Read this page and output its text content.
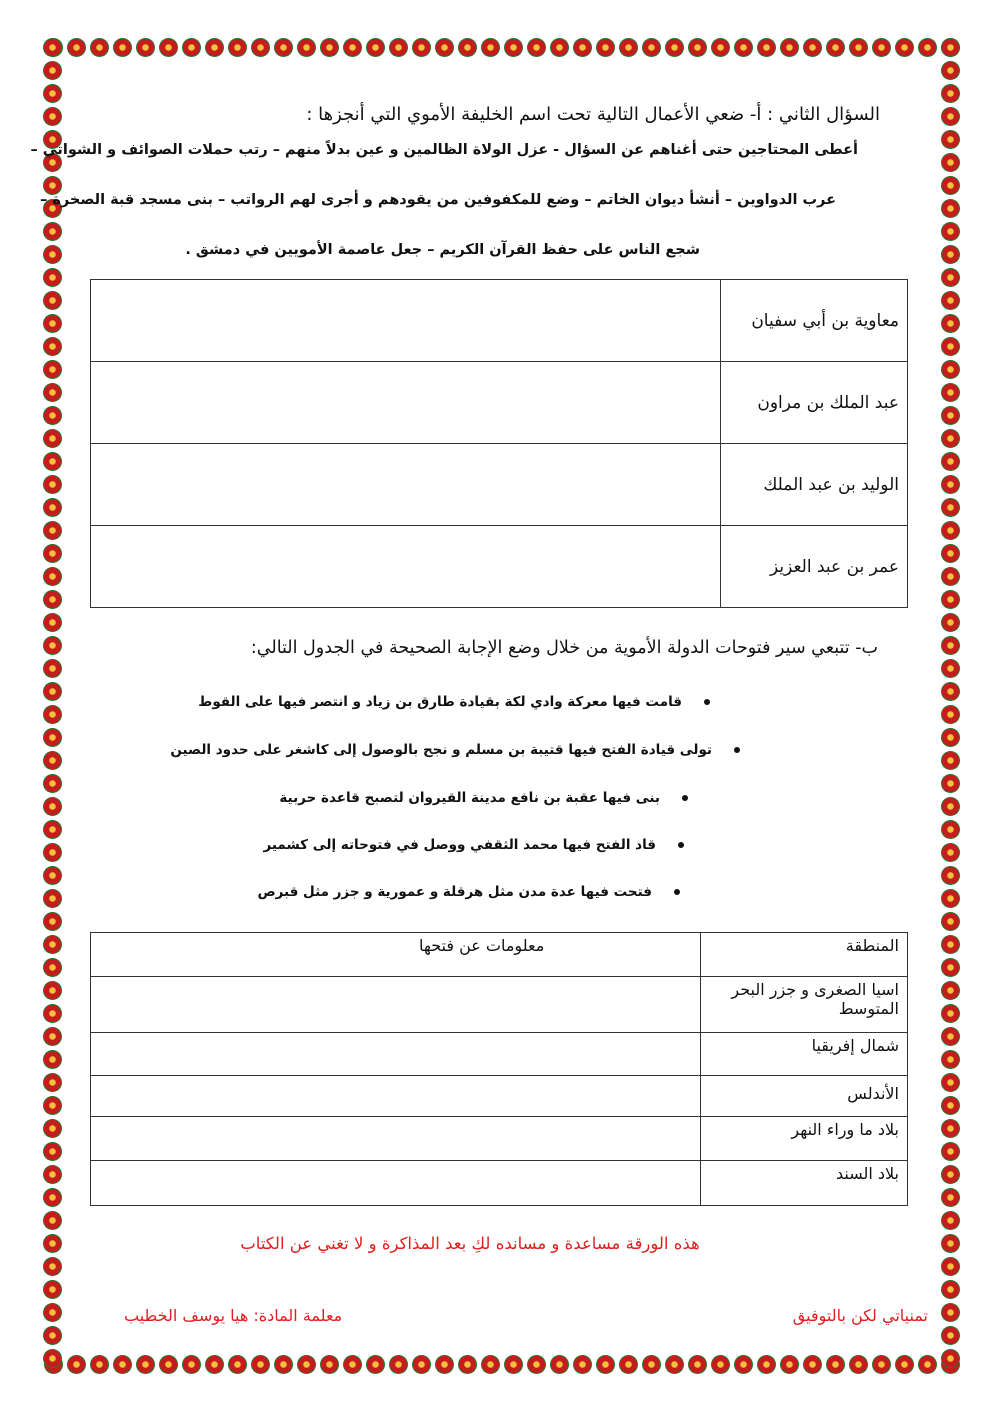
السؤال الثاني : أ- ضعي الأعمال التالية تحت اسم الخليفة الأموي التي أنجزها :
أعطى المحتاجين حتى أغناهم عن السؤال - عزل الولاة الظالمين و عين بدلاً منهم – رتب حملات الصوائف و الشواتي –
عرب الدواوين – أنشأ ديوان الخاتم – وضع للمكفوفين من يقودهم و أجرى لهم الرواتب – بنى مسجد قبة الصخرة –
شجع الناس على حفظ القرآن الكريم – جعل عاصمة الأمويين في دمشق .
معاوية بن أبي سفيان	
عبد الملك بن مراون	
الوليد بن عبد الملك	
عمر بن عبد العزيز	
ب- تتبعي سير فتوحات الدولة الأموية من خلال وضع الإجابة الصحيحة في الجدول التالي:
قامت فيها معركة وادي لكة بقيادة طارق بن زياد و انتصر فيها على القوط
تولى قيادة الفتح فيها قتيبة بن مسلم و نجح بالوصول إلى كاشغر على حدود الصين
بنى فيها عقبة بن نافع مدينة القيروان لتصبح قاعدة حربية
قاد الفتح فيها محمد الثقفي ووصل في فتوحاته إلى كشمير
فتحت فيها عدة مدن مثل هرقلة و عمورية و جزر مثل قبرص
المنطقة	معلومات عن فتحها
اسيا الصغرى و جزر البحر المتوسط	
شمال إفريقيا	
الأندلس	
بلاد ما وراء النهر	
بلاد السند	
هذه الورقة مساعدة و مسانده لكِ بعد المذاكرة و لا تغني عن الكتاب
تمنياتي لكن بالتوفيق
معلمة المادة: هيا يوسف الخطيب
